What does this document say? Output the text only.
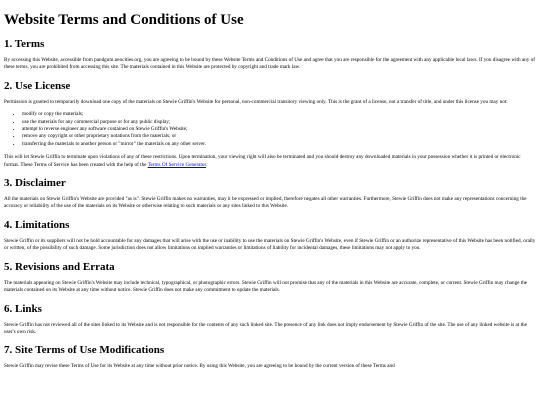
Website Terms and Conditions of Use
1. Terms

By accessing this Website, accessible from pandgum.neocities.org, you are agreeing to be bound by these Website Terms and Conditions of Use and agree that you are responsible for the agreement with any applicable local laws. If you disagree with any of these terms, you are prohibited from accessing this site. The materials contained in this Website are protected by copyright and trade mark law.

2. Use License

Permission is granted to temporarily download one copy of the materials on Stewie Griffin's Website for personal, non-commercial transitory viewing only. This is the grant of a license, not a transfer of title, and under this license you may not:

• modify or copy the materials;
• use the materials for any commercial purpose or for any public display;
• attempt to reverse engineer any software contained on Stewie Griffin's Website;
• remove any copyright or other proprietary notations from the materials; or
• transferring the materials to another person or "mirror" the materials on any other server.

This will let Stewie Griffin to terminate upon violations of any of these restrictions. Upon termination, your viewing right will also be terminated and you should destroy any downloaded materials in your possession whether it is printed or electronic format. These Terms of Service has been created with the help of the Terms Of Service Generator.

3. Disclaimer

All the materials on Stewie Griffin's Website are provided "as is". Stewie Griffin makes no warranties, may it be expressed or implied, therefore negates all other warranties. Furthermore, Stewie Griffin does not make any representations concerning the accuracy or reliability of the use of the materials on its Website or otherwise relating to such materials or any sites linked to this Website.

4. Limitations

Stewie Griffin or its suppliers will not be hold accountable for any damages that will arise with the use or inability to use the materials on Stewie Griffin's Website, even if Stewie Griffin or an authorize representative of this Website has been notified, orally or written, of the possibility of such damage. Some jurisdiction does not allow limitations on implied warranties or limitations of liability for incidental damages, these limitations may not apply to you.

5. Revisions and Errata

The materials appearing on Stewie Griffin's Website may include technical, typographical, or photographic errors. Stewie Griffin will not promise that any of the materials in this Website are accurate, complete, or current. Stewie Griffin may change the materials contained on its Website at any time without notice. Stewie Griffin does not make any commitment to update the materials.

6. Links

Stewie Griffin has not reviewed all of the sites linked to its Website and is not responsible for the contents of any such linked site. The presence of any link does not imply endorsement by Stewie Griffin of the site. The use of any linked website is at the user's own risk.

7. Site Terms of Use Modifications

Stewie Griffin may revise these Terms of Use for its Website at any time without prior notice. By using this Website, you are agreeing to be bound by the current version of these Terms and
